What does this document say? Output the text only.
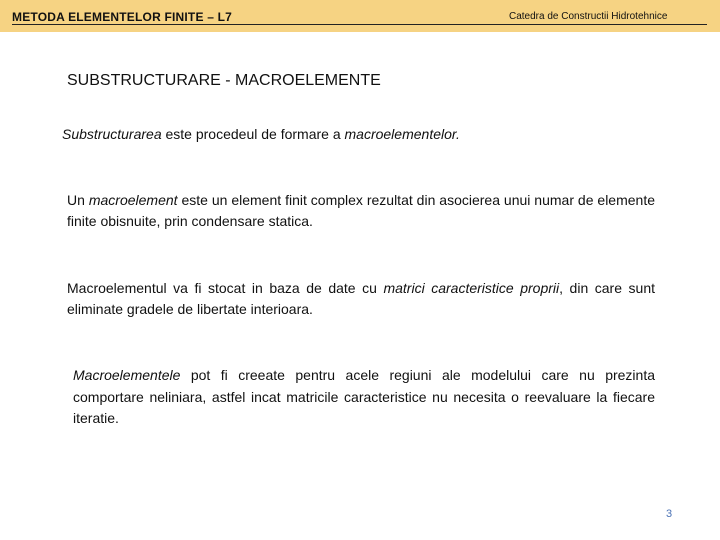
METODA ELEMENTELOR FINITE – L7	Catedra de Constructii Hidrotehnice
SUBSTRUCTURARE - MACROELEMENTE
Substructurarea este procedeul de formare a macroelementelor.
Un macroelement este un element finit complex rezultat din asocierea unui numar de elemente finite obisnuite, prin condensare statica.
Macroelementul va fi stocat in baza de date cu matrici caracteristice proprii, din care sunt eliminate gradele de libertate interioara.
Macroelementele pot fi creeate pentru acele regiuni ale modelului care nu prezinta comportare neliniara, astfel incat matricile caracteristice nu necesita o reevaluare la fiecare iteratie.
3
